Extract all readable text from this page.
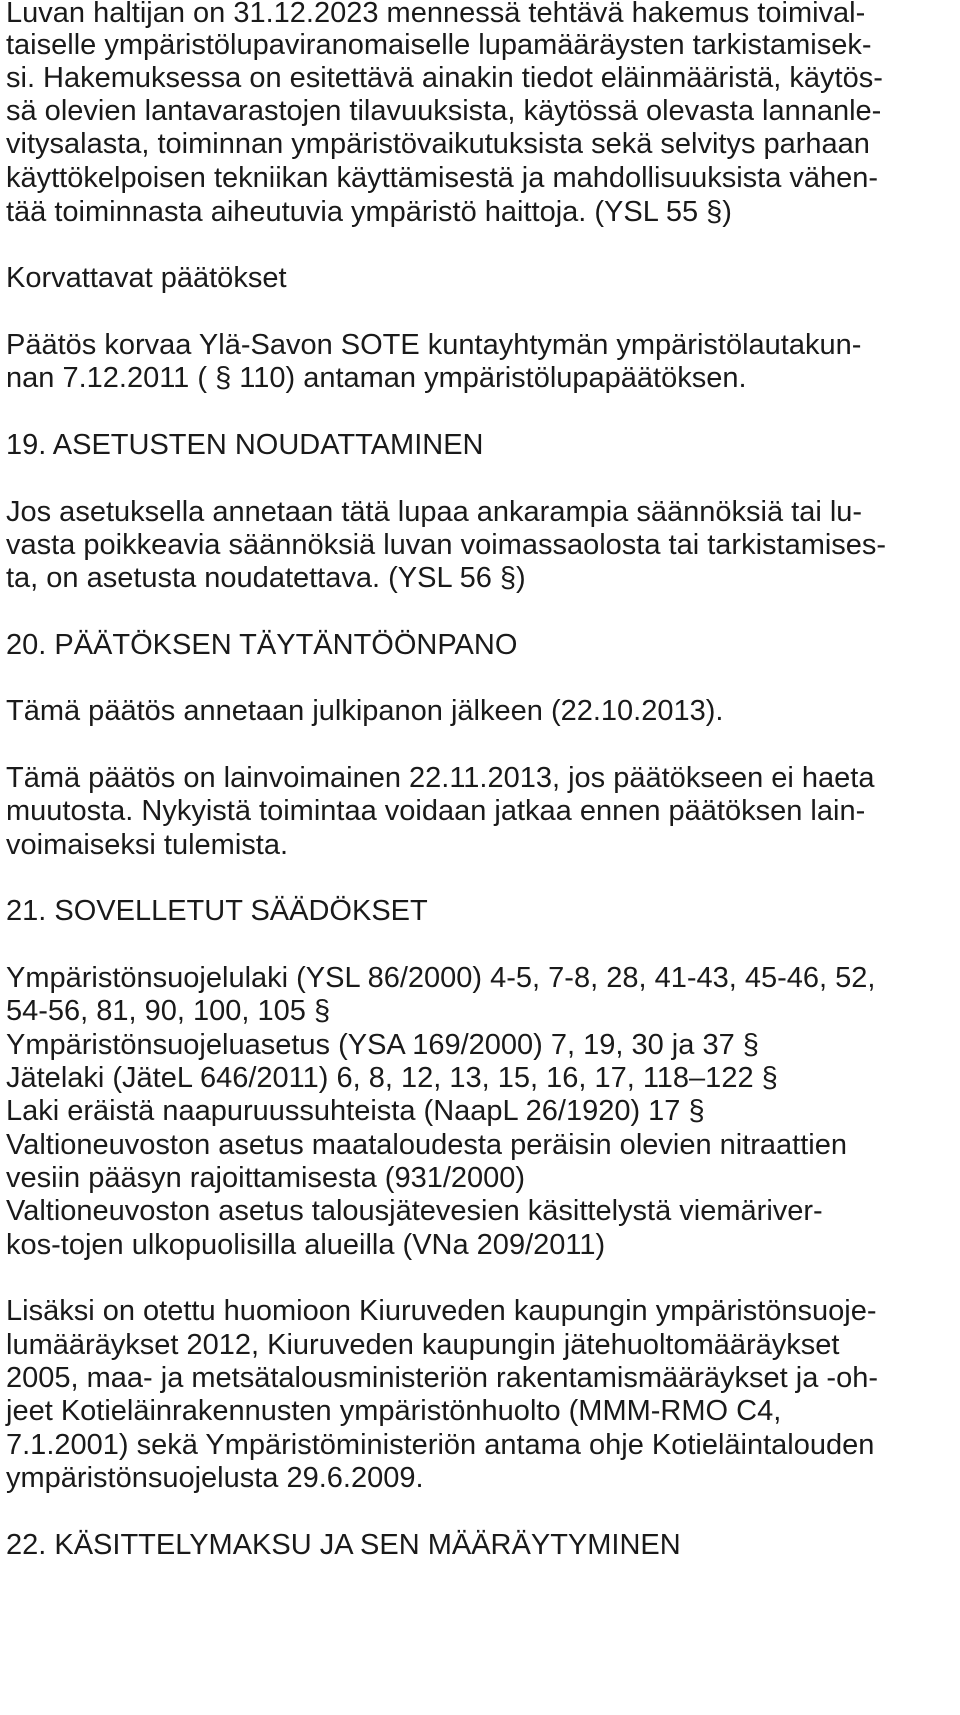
Luvan haltijan on 31.12.2023 mennessä tehtävä hakemus toimival-
taiselle ympäristölupaviranomaiselle lupamääräysten tarkistamisek-
si. Hakemuksessa on esitettävä ainakin tiedot eläinmääristä, käytös-
sä olevien lantavarastojen tilavuuksista, käytössä olevasta lannanle-
vitysalasta, toiminnan ympäristövaikutuksista sekä selvitys parhaan
käyttökelpoisen tekniikan käyttämisestä ja mahdollisuuksista vähen-
tää toiminnasta aiheutuvia ympäristö haittoja. (YSL 55 §)
Korvattavat päätökset
Päätös korvaa Ylä-Savon SOTE kuntayhtymän ympäristölautakun-
nan 7.12.2011 ( § 110) antaman ympäristölupapäätöksen.
19. ASETUSTEN NOUDATTAMINEN
Jos asetuksella annetaan tätä lupaa ankarampia säännöksiä tai lu-
vasta poikkeavia säännöksiä luvan voimassaolosta tai tarkistamises-
ta, on asetusta noudatettava. (YSL 56 §)
20. PÄÄTÖKSEN TÄYTÄNTÖÖNPANO
Tämä päätös annetaan julkipanon jälkeen (22.10.2013).
Tämä päätös on lainvoimainen 22.11.2013, jos päätökseen ei haeta
muutosta. Nykyistä toimintaa voidaan jatkaa ennen päätöksen lain-
voimaiseksi tulemista.
21. SOVELLETUT SÄÄDÖKSET
Ympäristönsuojelulaki (YSL 86/2000) 4-5, 7-8, 28, 41-43, 45-46, 52,
54-56, 81, 90, 100, 105 §
Ympäristönsuojeluasetus (YSA 169/2000) 7, 19, 30 ja 37 §
Jätelaki (JäteL 646/2011) 6, 8, 12, 13, 15, 16, 17, 118–122 §
Laki eräistä naapuruussuhteista (NaapL 26/1920) 17 §
Valtioneuvoston asetus maataloudesta peräisin olevien nitraattien
vesiin pääsyn rajoittamisesta (931/2000)
Valtioneuvoston asetus talousjätevesien käsittelystä viemäriver-
kos-tojen ulkopuolisilla alueilla (VNa 209/2011)
Lisäksi on otettu huomioon Kiuruveden kaupungin ympäristönsuoje-
lumääräykset 2012, Kiuruveden kaupungin jätehuoltomääräykset
2005, maa- ja metsätalousministeriön rakentamismääräykset ja -oh-
jeet Kotieläinrakennusten ympäristönhuolto (MMM-RMO C4,
7.1.2001) sekä Ympäristöministeriön antama ohje Kotieläintalouden
ympäristönsuojelusta 29.6.2009.
22. KÄSITTELYMAKSU JA SEN MÄÄRÄYTYMINEN
